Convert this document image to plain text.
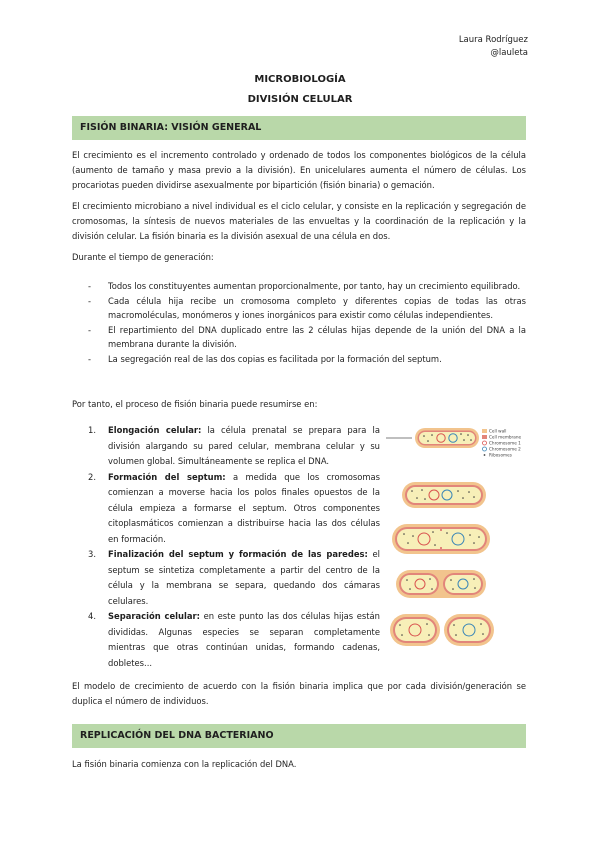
Laura Rodríguez
@lauleta
MICROBIOLOGÍA
DIVISIÓN CELULAR
FISIÓN BINARIA: VISIÓN GENERAL

El crecimiento es el incremento controlado y ordenado de todos los componentes biológicos de la célula (aumento de tamaño y masa previo a la división). En unicelulares aumenta el número de células. Los procariotas pueden dividirse asexualmente por bipartición (fisión binaria) o gemación.

El crecimiento microbiano a nivel individual es el ciclo celular, y consiste en la replicación y segregación de cromosomas, la síntesis de nuevos materiales de las envueltas y la coordinación de la replicación y la división celular. La fisión binaria es la división asexual de una célula en dos.

Durante el tiempo de generación:

- Todos los constituyentes aumentan proporcionalmente, por tanto, hay un crecimiento equilibrado.
- Cada célula hija recibe un cromosoma completo y diferentes copias de todas las otras macromoléculas, monómeros y iones inorgánicos para existir como células independientes.
- El repartimiento del DNA duplicado entre las 2 células hijas depende de la unión del DNA a la membrana durante la división.
- La segregación real de las dos copias es facilitada por la formación del septum.

Por tanto, el proceso de fisión binaria puede resumirse en:

1. Elongación celular: la célula prenatal se prepara para la división alargando su pared celular, membrana celular y su volumen global. Simultáneamente se replica el DNA.
2. Formación del septum: a medida que los cromosomas comienzan a moverse hacia los polos finales opuestos de la célula empieza a formarse el septum. Otros componentes citoplasmáticos comienzan a distribuirse hacia las dos células en formación.
3. Finalización del septum y formación de las paredes: el septum se sintetiza completamente a partir del centro de la célula y la membrana se separa, quedando dos cámaras celulares.
4. Separación celular: en este punto las dos células hijas están divididas. Algunas especies se separan completamente mientras que otras continúan unidas, formando cadenas, dobletes...
Cell wall
Cell membrane
Chromosome 1
Chromosome 2
Ribosomes

El modelo de crecimiento de acuerdo con la fisión binaria implica que por cada división/generación se duplica el número de individuos.

REPLICACIÓN DEL DNA BACTERIANO

La fisión binaria comienza con la replicación del DNA.
